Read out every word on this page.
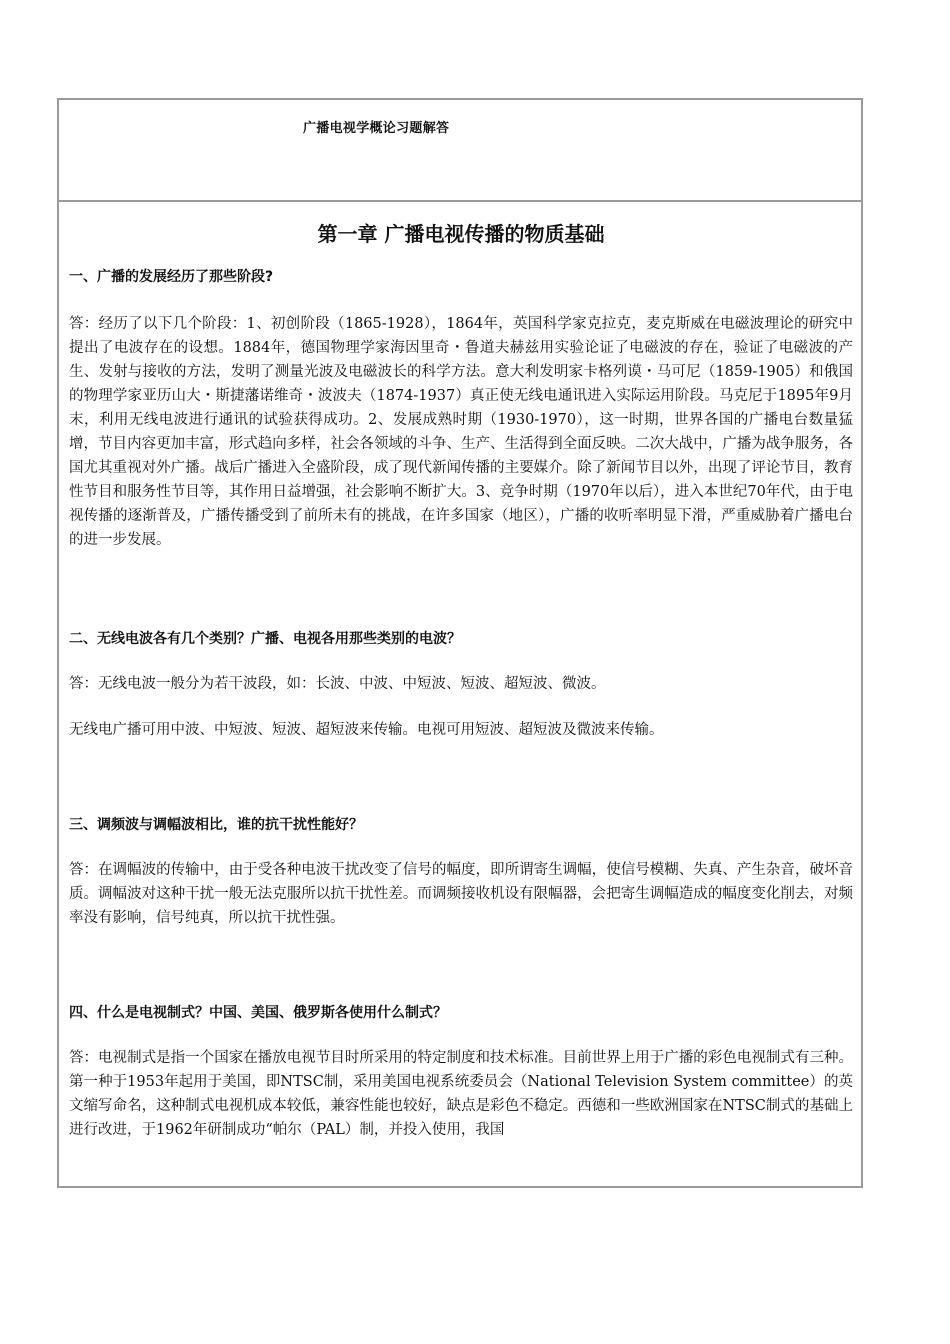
广播电视学概论习题解答
第一章 广播电视传播的物质基础

一、广播的发展经历了那些阶段?

答：经历了以下几个阶段：1、初创阶段（1865-1928），1864年，英国科学家克拉克，麦克斯威在电磁波理论的研究中提出了电波存在的设想。1884年，德国物理学家海因里奇・鲁道夫赫兹用实验论证了电磁波的存在，验证了电磁波的产生、发射与接收的方法，发明了测量光波及电磁波长的科学方法。意大利发明家卡格列谟・马可尼（1859-1905）和俄国的物理学家亚历山大・斯捷藩诺维奇・波波夫（1874-1937）真正使无线电通讯进入实际运用阶段。马克尼于1895年9月末，利用无线电波进行通讯的试验获得成功。2、发展成熟时期（1930-1970），这一时期，世界各国的广播电台数量猛增，节目内容更加丰富，形式趋向多样，社会各领域的斗争、生产、生活得到全面反映。二次大战中，广播为战争服务，各国尤其重视对外广播。战后广播进入全盛阶段，成了现代新闻传播的主要媒介。除了新闻节目以外，出现了评论节目，教育性节目和服务性节目等，其作用日益增强，社会影响不断扩大。3、竞争时期（1970年以后），进入本世纪70年代，由于电视传播的逐渐普及，广播传播受到了前所未有的挑战，在许多国家（地区），广播的收听率明显下滑，严重威胁着广播电台的进一步发展。

二、无线电波各有几个类别？广播、电视各用那些类别的电波？

答：无线电波一般分为若干波段，如：长波、中波、中短波、短波、超短波、微波。

无线电广播可用中波、中短波、短波、超短波来传输。电视可用短波、超短波及微波来传输。

三、调频波与调幅波相比，谁的抗干扰性能好？

答：在调幅波的传输中，由于受各种电波干扰改变了信号的幅度，即所谓寄生调幅，使信号模糊、失真、产生杂音，破坏音质。调幅波对这种干扰一般无法克服所以抗干扰性差。而调频接收机设有限幅器，会把寄生调幅造成的幅度变化削去，对频率没有影响，信号纯真，所以抗干扰性强。

四、什么是电视制式？中国、美国、俄罗斯各使用什么制式？

答：电视制式是指一个国家在播放电视节目时所采用的特定制度和技术标准。目前世界上用于广播的彩色电视制式有三种。第一种于1953年起用于美国，即NTSC制，采用美国电视系统委员会（National Television System committee）的英文缩写命名，这种制式电视机成本较低，兼容性能也较好，缺点是彩色不稳定。西德和一些欧洲国家在NTSC制式的基础上进行改进，于1962年研制成功“帕尔（PAL）制，并投入使用，我国
